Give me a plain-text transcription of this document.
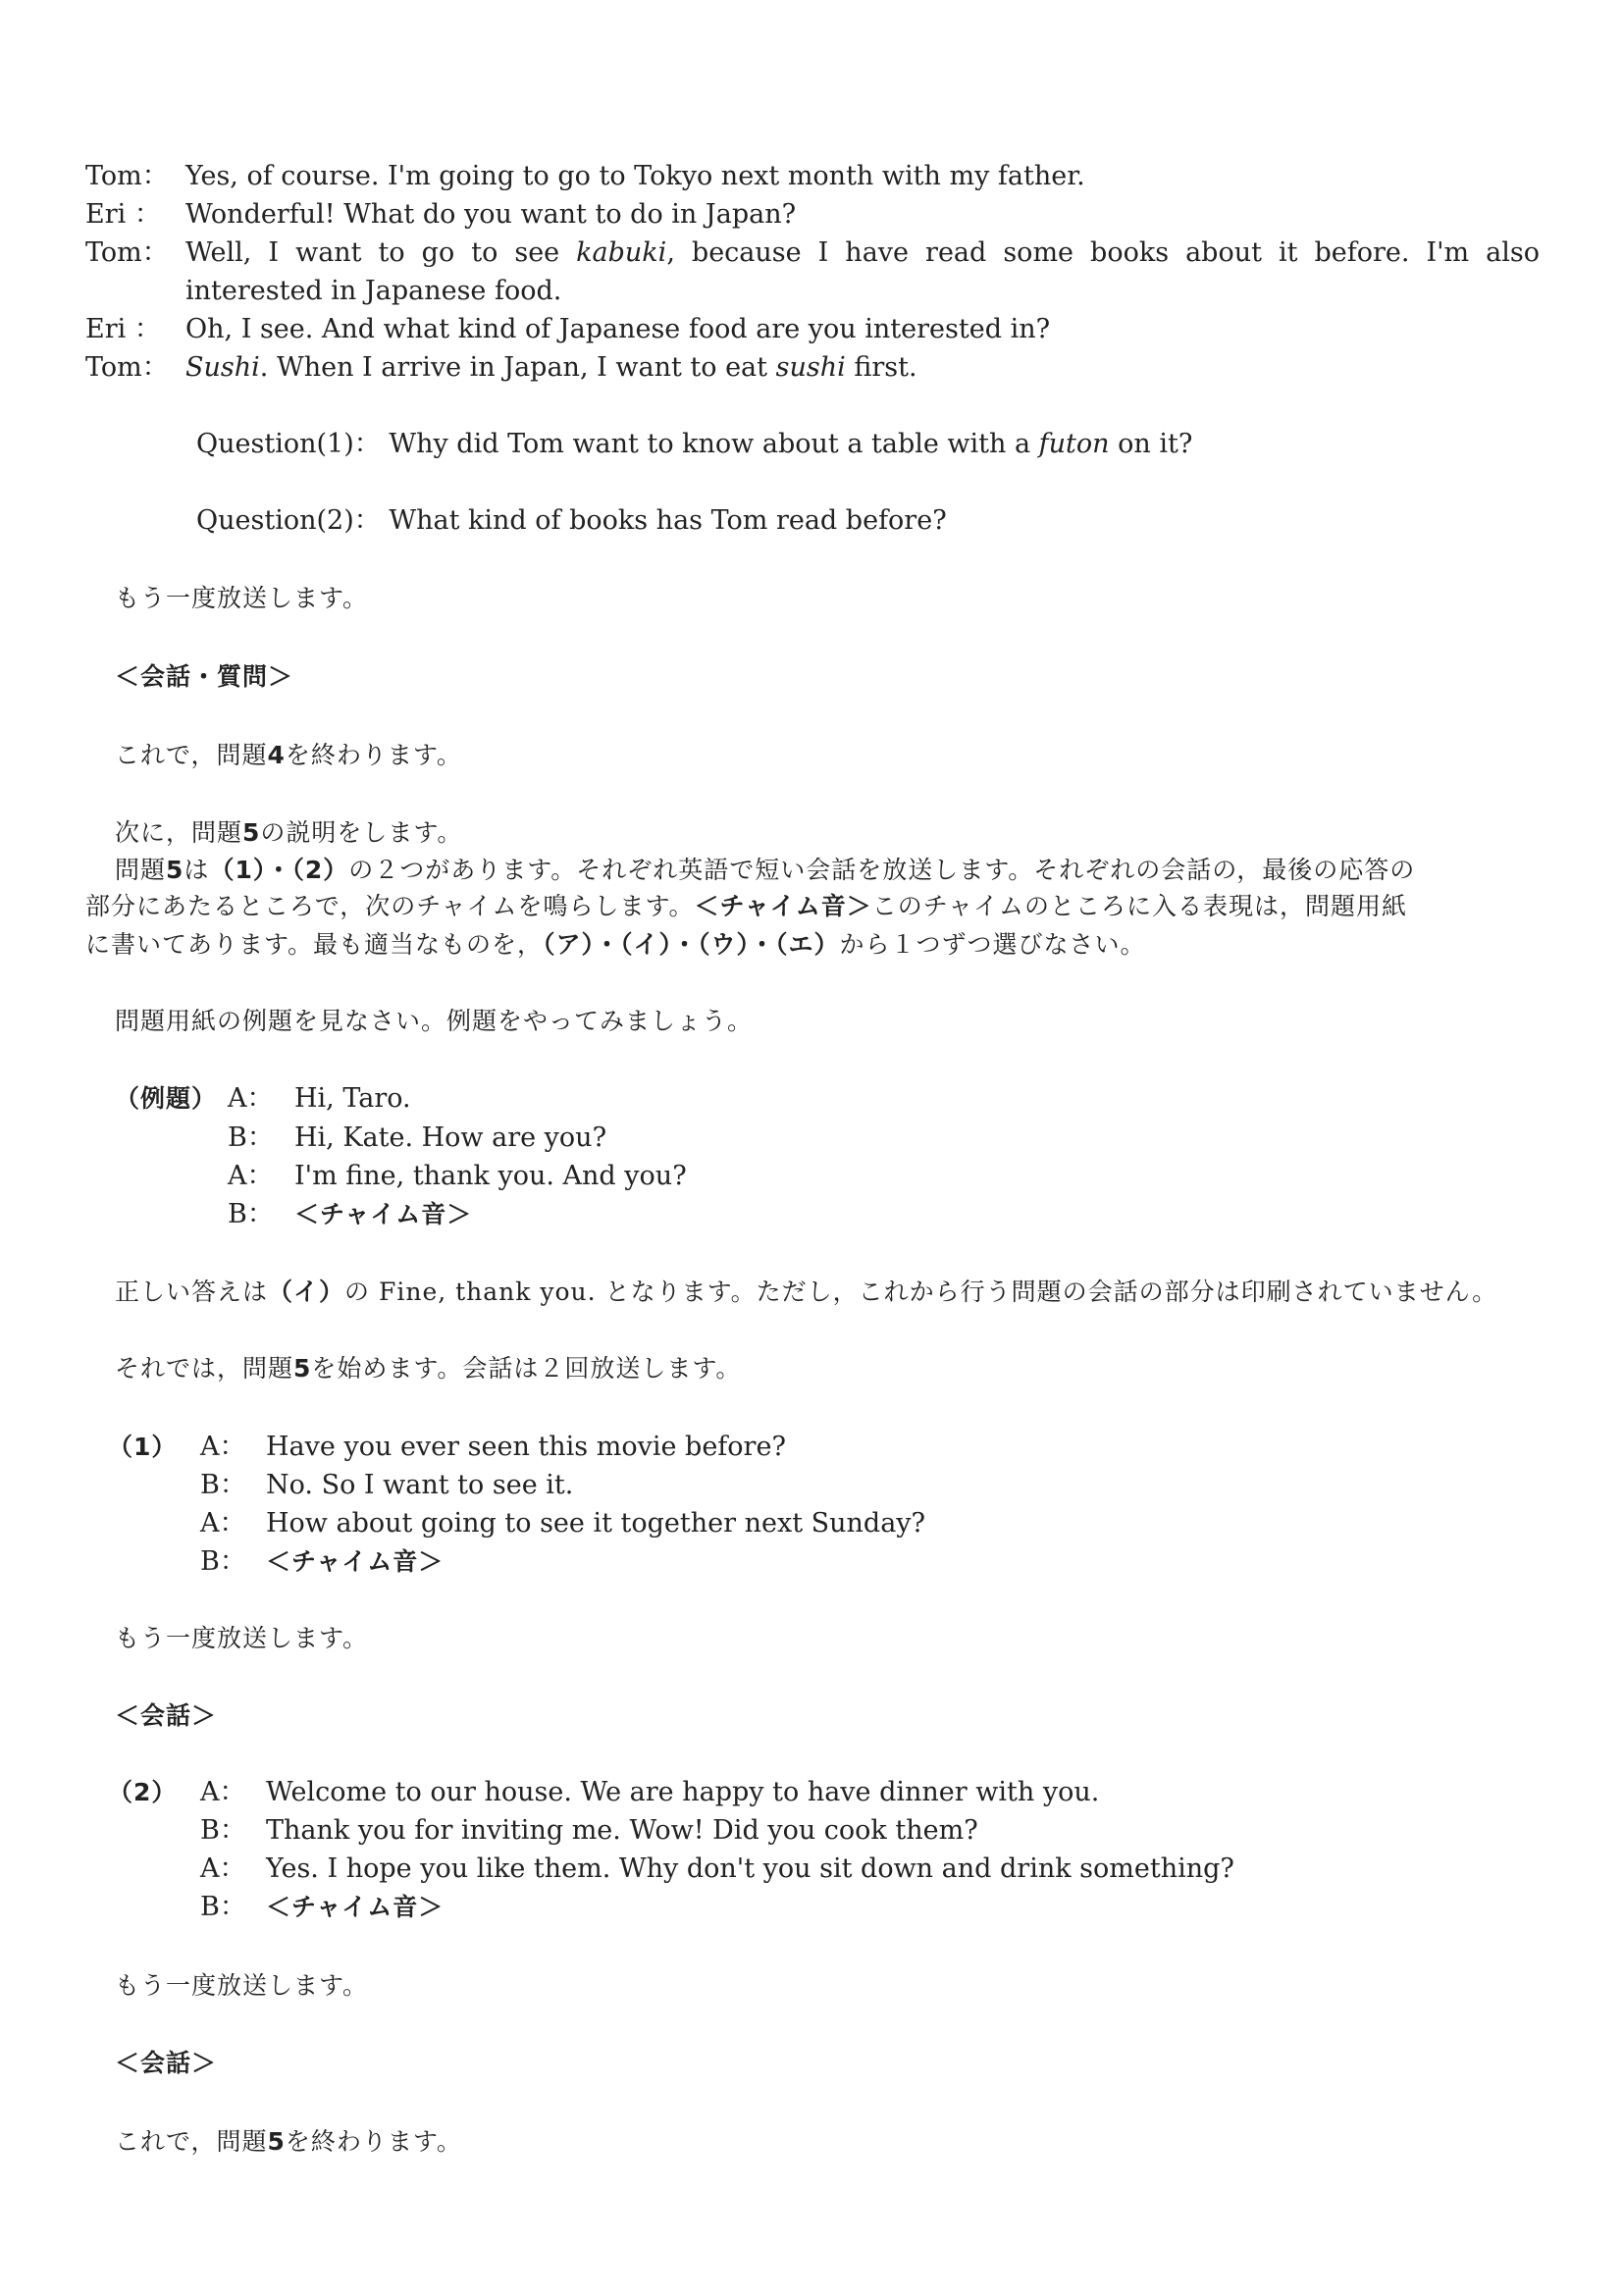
Tom： Yes, of course. I'm going to go to Tokyo next month with my father.
Eri ： Wonderful! What do you want to do in Japan?
Tom： Well, I want to go to see kabuki, because I have read some books about it before. I'm also
interested in Japanese food.
Eri ： Oh, I see. And what kind of Japanese food are you interested in?
Tom： Sushi. When I arrive in Japan, I want to eat sushi first.
Question(1)： Why did Tom want to know about a table with a futon on it?
Question(2)： What kind of books has Tom read before?
もう一度放送します。
＜会話・質問＞
これで，問題4を終わります。
次に，問題5の説明をします。
問題5は（1）・（2）の２つがあります。それぞれ英語で短い会話を放送します。それぞれの会話の，最後の応答の
部分にあたるところで，次のチャイムを鳴らします。＜チャイム音＞このチャイムのところに入る表現は，問題用紙
に書いてあります。最も適当なものを，（ア）・（イ）・（ウ）・（エ）から１つずつ選びなさい。
問題用紙の例題を見なさい。例題をやってみましょう。
（例題） A： Hi, Taro.
B： Hi, Kate. How are you?
A： I'm fine, thank you. And you?
B： ＜チャイム音＞
正しい答えは（イ）の Fine, thank you. となります。ただし，これから行う問題の会話の部分は印刷されていません。
それでは，問題5を始めます。会話は２回放送します。
（1） A： Have you ever seen this movie before?
B： No. So I want to see it.
A： How about going to see it together next Sunday?
B： ＜チャイム音＞
もう一度放送します。
＜会話＞
（2） A： Welcome to our house. We are happy to have dinner with you.
B： Thank you for inviting me. Wow! Did you cook them?
A： Yes. I hope you like them. Why don't you sit down and drink something?
B： ＜チャイム音＞
もう一度放送します。
＜会話＞
これで，問題5を終わります。
